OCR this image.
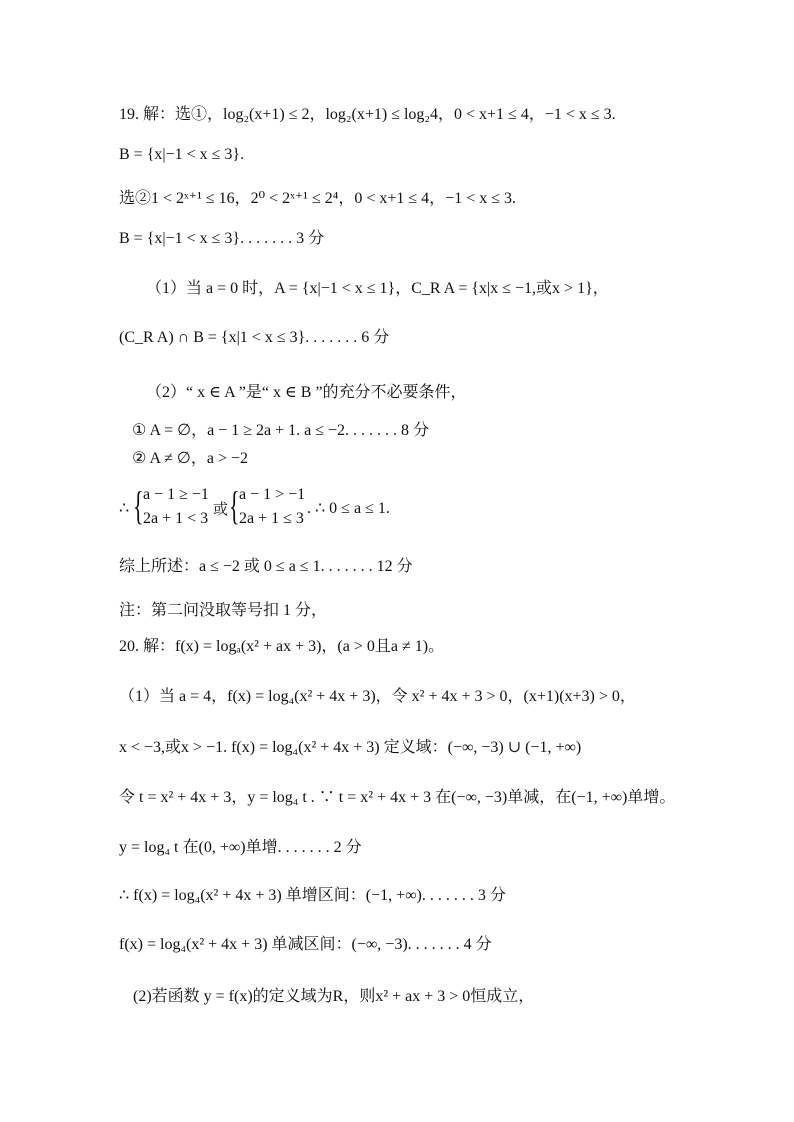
19. 解：选①，log₂(x+1) ≤ 2，log₂(x+1) ≤ log₂4，0 < x+1 ≤ 4，−1 < x ≤ 3.
B = {x|−1 < x ≤ 3}.
选②1 < 2ˣ⁺¹ ≤ 16，2⁰ < 2ˣ⁺¹ ≤ 2⁴，0 < x+1 ≤ 4，−1 < x ≤ 3.
B = {x|−1 < x ≤ 3}. . . . . . . 3 分
（1）当 a = 0 时，A = {x|−1 < x ≤ 1}，C_R A = {x|x ≤ −1,或x > 1}，
(C_R A) ∩ B = {x|1 < x ≤ 3}. . . . . . . 6 分
（2）“ x ∈ A ”是“ x ∈ B ”的充分不必要条件，
① A = ∅，a − 1 ≥ 2a + 1. a ≤ −2. . . . . . . 8 分
② A ≠ ∅，a > −2
∴ { a − 1 ≥ −1
2a + 1 < 3
或 { a − 1 > −1
2a + 1 ≤ 3
. ∴ 0 ≤ a ≤ 1.
综上所述：a ≤ −2 或 0 ≤ a ≤ 1. . . . . . . 12 分
注：第二问没取等号扣 1 分，
20. 解：f(x) = logₐ(x² + ax + 3)，(a > 0且a ≠ 1)。
（1）当 a = 4，f(x) = log₄(x² + 4x + 3)，令 x² + 4x + 3 > 0，(x+1)(x+3) > 0，
x < −3,或x > −1. f(x) = log₄(x² + 4x + 3) 定义域：(−∞, −3) ∪ (−1, +∞)
令 t = x² + 4x + 3，y = log₄ t . ∵ t = x² + 4x + 3 在(−∞, −3)单减，在(−1, +∞)单增。
y = log₄ t 在(0, +∞)单增. . . . . . . 2 分
∴ f(x) = log₄(x² + 4x + 3) 单增区间：(−1, +∞). . . . . . . 3 分
f(x) = log₄(x² + 4x + 3) 单减区间：(−∞, −3). . . . . . . 4 分
(2)若函数 y = f(x)的定义域为R，则x² + ax + 3 > 0恒成立，
